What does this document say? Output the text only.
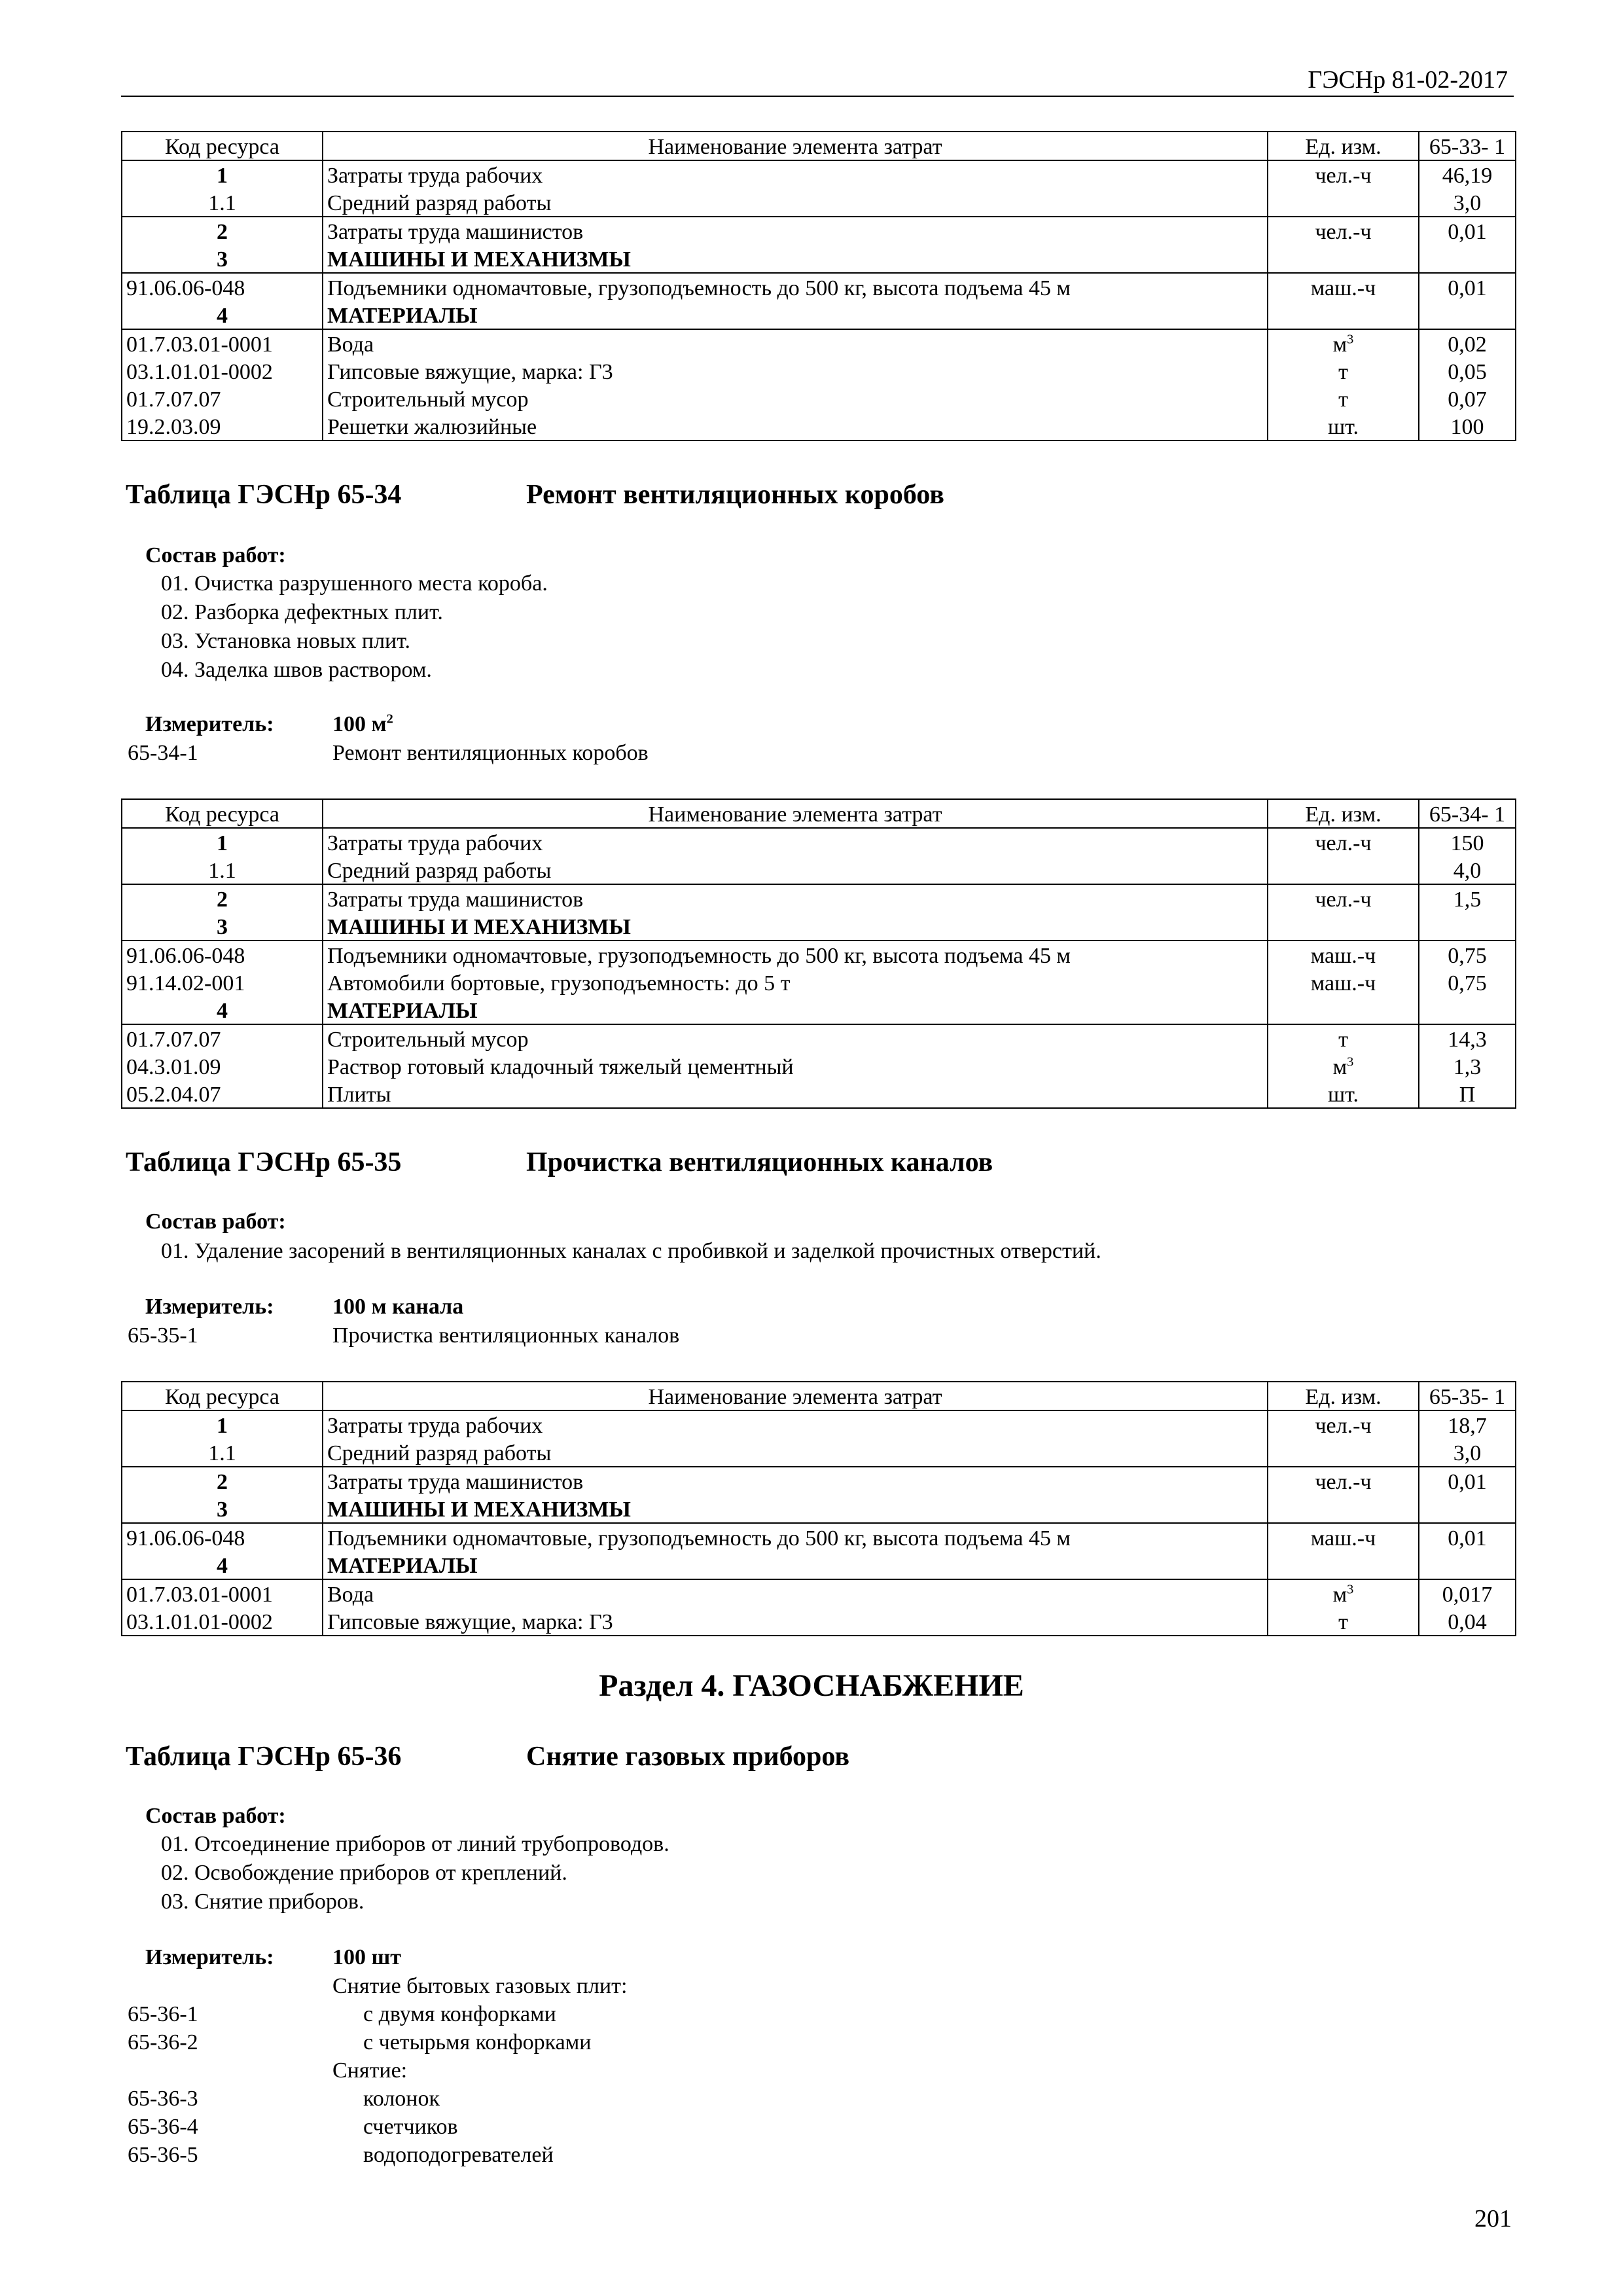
ГЭСНр 81-02-2017
Код ресурса	Наименование элемента затрат	Ед. изм.	65-33- 1
1	Затраты труда рабочих	чел.-ч	46,19
1.1	Средний разряд работы		3,0
2	Затраты труда машинистов	чел.-ч	0,01
3	МАШИНЫ И МЕХАНИЗМЫ		
91.06.06-048	Подъемники одномачтовые, грузоподъемность до 500 кг, высота подъема 45 м	маш.-ч	0,01
4	МАТЕРИАЛЫ		
01.7.03.01-0001	Вода	$м^3$	0,02
03.1.01.01-0002	Гипсовые вяжущие, марка: Г3	т	0,05
01.7.07.07	Строительный мусор	т	0,07
19.2.03.09	Решетки жалюзийные	шт.	100
Таблица ГЭСНр 65-34	Ремонт вентиляционных коробов
Состав работ:
01. Очистка разрушенного места короба.
02. Разборка дефектных плит.
03. Установка новых плит.
04. Заделка швов раствором.
Измеритель:	100 $м^2$
65-34-1	Ремонт вентиляционных коробов
Код ресурса	Наименование элемента затрат	Ед. изм.	65-34- 1
1	Затраты труда рабочих	чел.-ч	150
1.1	Средний разряд работы		4,0
2	Затраты труда машинистов	чел.-ч	1,5
3	МАШИНЫ И МЕХАНИЗМЫ		
91.06.06-048	Подъемники одномачтовые, грузоподъемность до 500 кг, высота подъема 45 м	маш.-ч	0,75
91.14.02-001	Автомобили бортовые, грузоподъемность: до 5 т	маш.-ч	0,75
4	МАТЕРИАЛЫ		
01.7.07.07	Строительный мусор	т	14,3
04.3.01.09	Раствор готовый кладочный тяжелый цементный	$м^3$	1,3
05.2.04.07	Плиты	шт.	П
Таблица ГЭСНр 65-35	Прочистка вентиляционных каналов
Состав работ:
01. Удаление засорений в вентиляционных каналах с пробивкой и заделкой прочистных отверстий.
Измеритель:	100 м канала
65-35-1	Прочистка вентиляционных каналов
Код ресурса	Наименование элемента затрат	Ед. изм.	65-35- 1
1	Затраты труда рабочих	чел.-ч	18,7
1.1	Средний разряд работы		3,0
2	Затраты труда машинистов	чел.-ч	0,01
3	МАШИНЫ И МЕХАНИЗМЫ		
91.06.06-048	Подъемники одномачтовые, грузоподъемность до 500 кг, высота подъема 45 м	маш.-ч	0,01
4	МАТЕРИАЛЫ		
01.7.03.01-0001	Вода	$м^3$	0,017
03.1.01.01-0002	Гипсовые вяжущие, марка: Г3	т	0,04
Раздел 4. ГАЗОСНАБЖЕНИЕ
Таблица ГЭСНр 65-36	Снятие газовых приборов
Состав работ:
01. Отсоединение приборов от линий трубопроводов.
02. Освобождение приборов от креплений.
03. Снятие приборов.
Измеритель:	100 шт
Снятие бытовых газовых плит:
65-36-1	с двумя конфорками
65-36-2	с четырьмя конфорками
Снятие:
65-36-3	колонок
65-36-4	счетчиков
65-36-5	водоподогревателей
201
